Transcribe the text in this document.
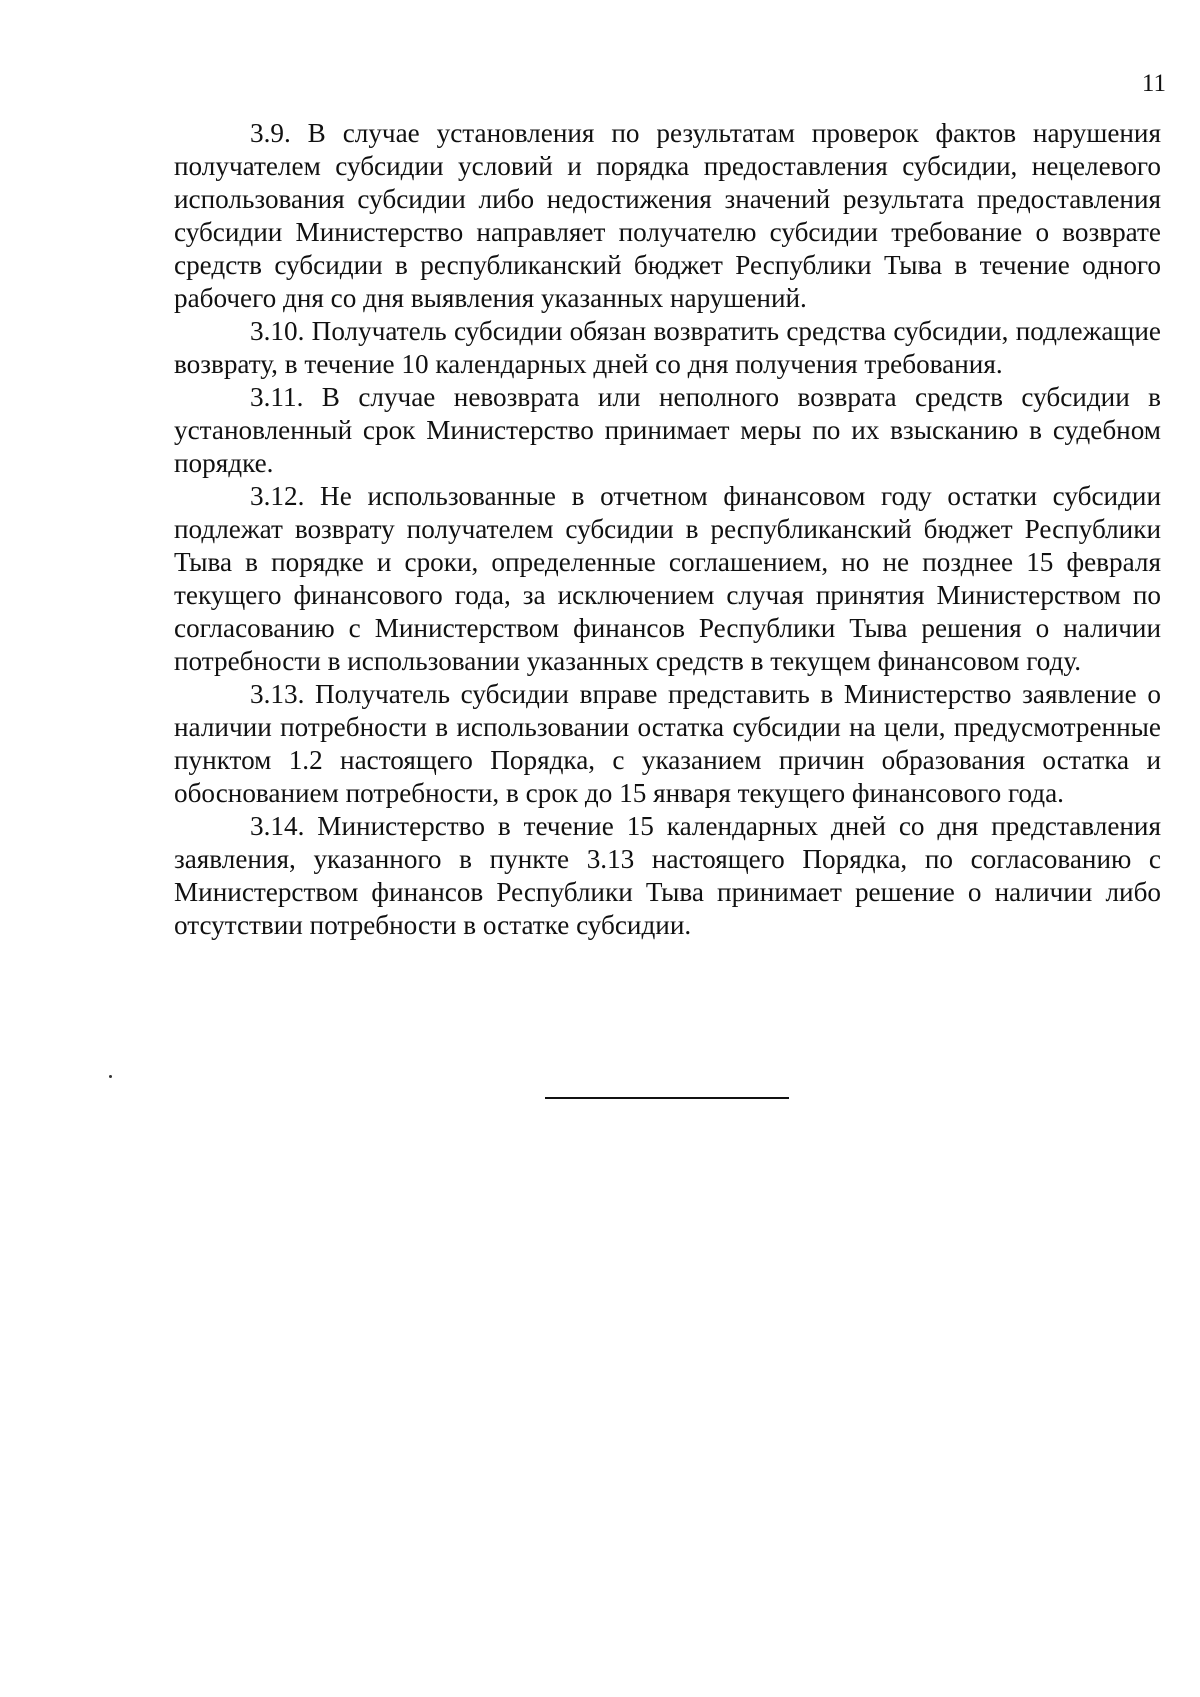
11

3.9. В случае установления по результатам проверок фактов нарушения получателем субсидии условий и порядка предоставления субсидии, нецелевого использования субсидии либо недостижения значений результата предоставления субсидии Министерство направляет получателю субсидии требование о возврате средств субсидии в республиканский бюджет Республики Тыва в течение одного рабочего дня со дня выявления указанных нарушений.

3.10. Получатель субсидии обязан возвратить средства субсидии, подлежащие возврату, в течение 10 календарных дней со дня получения требования.

3.11. В случае невозврата или неполного возврата средств субсидии в установленный срок Министерство принимает меры по их взысканию в судебном порядке.

3.12. Не использованные в отчетном финансовом году остатки субсидии подлежат возврату получателем субсидии в республиканский бюджет Республики Тыва в порядке и сроки, определенные соглашением, но не позднее 15 февраля текущего финансового года, за исключением случая принятия Министерством по согласованию с Министерством финансов Республики Тыва решения о наличии потребности в использовании указанных средств в текущем финансовом году.

3.13. Получатель субсидии вправе представить в Министерство заявление о наличии потребности в использовании остатка субсидии на цели, предусмотренные пунктом 1.2 настоящего Порядка, с указанием причин образования остатка и обоснованием потребности, в срок до 15 января текущего финансового года.

3.14. Министерство в течение 15 календарных дней со дня представления заявления, указанного в пункте 3.13 настоящего Порядка, по согласованию с Министерством финансов Республики Тыва принимает решение о наличии либо отсутствии потребности в остатке субсидии.
